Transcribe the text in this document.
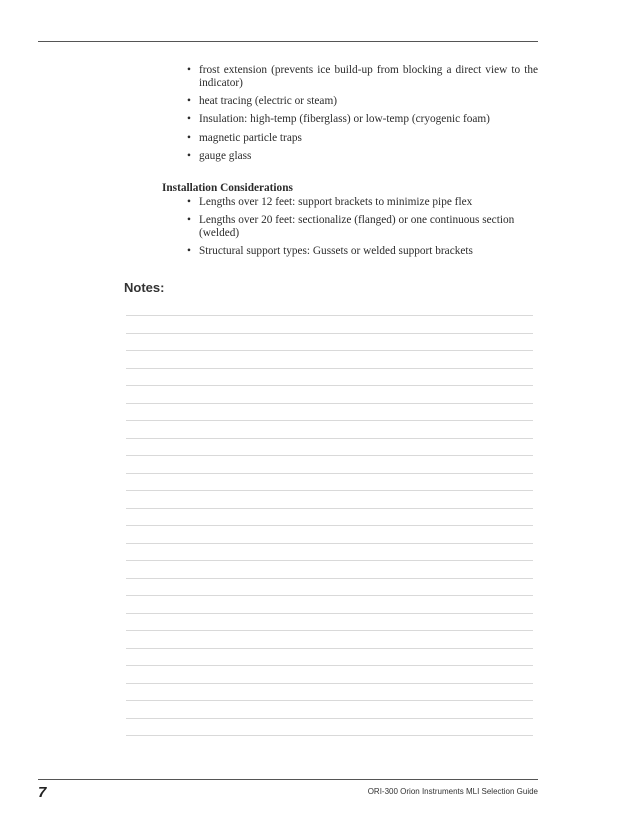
• frost extension (prevents ice build-up from blocking a direct view to the indicator)
• heat tracing (electric or steam)
• Insulation: high-temp (fiberglass) or low-temp (cryogenic foam)
• magnetic particle traps
• gauge glass
Installation Considerations
• Lengths over 12 feet: support brackets to minimize pipe flex
• Lengths over 20 feet: sectionalize (flanged) or one continuous section (welded)
• Structural support types: Gussets or welded support brackets
Notes:
7	ORI-300 Orion Instruments MLI Selection Guide
